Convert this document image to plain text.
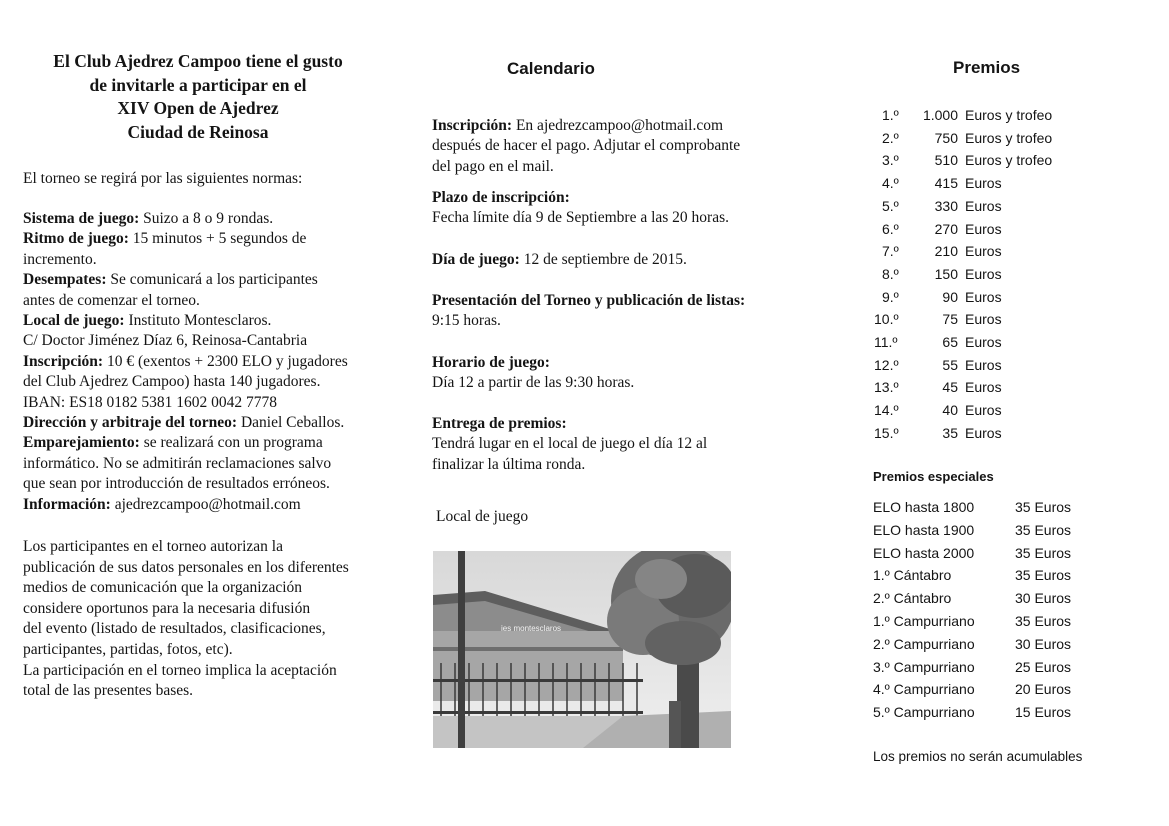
El Club Ajedrez Campoo tiene el gusto
de invitarle a participar en el
XIV Open de Ajedrez
Ciudad de Reinosa
El torneo se regirá por las siguientes normas:
Sistema de juego: Suizo a 8 o 9 rondas.
Ritmo de juego: 15 minutos + 5 segundos de
incremento.
Desempates: Se comunicará a los participantes
antes de comenzar el torneo.
Local de juego: Instituto Montesclaros.
C/ Doctor Jiménez Díaz 6, Reinosa-Cantabria
Inscripción: 10 € (exentos + 2300 ELO y jugadores
del Club Ajedrez Campoo) hasta 140 jugadores.
IBAN: ES18 0182 5381 1602 0042 7778
Dirección y arbitraje del torneo: Daniel Ceballos.
Emparejamiento: se realizará con un programa
informático. No se admitirán reclamaciones salvo
que sean por introducción de resultados erróneos.
Información: ajedrezcampoo@hotmail.com
Los participantes en el torneo autorizan la
publicación de sus datos personales en los diferentes
medios de comunicación que la organización
considere oportunos para la necesaria difusión
del evento (listado de resultados, clasificaciones,
participantes, partidas, fotos, etc).
La participación en el torneo implica la aceptación
total de las presentes bases.
Calendario
Inscripción: En ajedrezcampoo@hotmail.com
después de hacer el pago. Adjutar el comprobante
del pago en el mail.
Plazo de inscripción:
Fecha límite día 9 de Septiembre a las 20 horas.
Día de juego: 12 de septiembre de 2015.
Presentación del Torneo y publicación de listas:
9:15 horas.
Horario de juego:
Día 12 a partir de las 9:30 horas.
Entrega de premios:
Tendrá lugar en el local de juego el día 12 al
finalizar la última ronda.
Local de juego
ies montesclaros
Premios
1.º 1.000 Euros y trofeo
2.º	750 Euros y trofeo
3.º	510 Euros y trofeo
4.º	415 Euros
5.º	330 Euros
6.º	270 Euros
7.º	210 Euros
8.º	150 Euros
9.º	90 Euros
10.º	75 Euros
11.º	65 Euros
12.º	55 Euros
13.º	45 Euros
14.º	40 Euros
15.º	35 Euros
Premios especiales
ELO hasta 1800	35 Euros
ELO hasta 1900	35 Euros
ELO hasta 2000	35 Euros
1.º Cántabro	35 Euros
2.º Cántabro	30 Euros
1.º Campurriano	35 Euros
2.º Campurriano	30 Euros
3.º Campurriano	25 Euros
4.º Campurriano	20 Euros
5.º Campurriano	15 Euros
Los premios no serán acumulables
